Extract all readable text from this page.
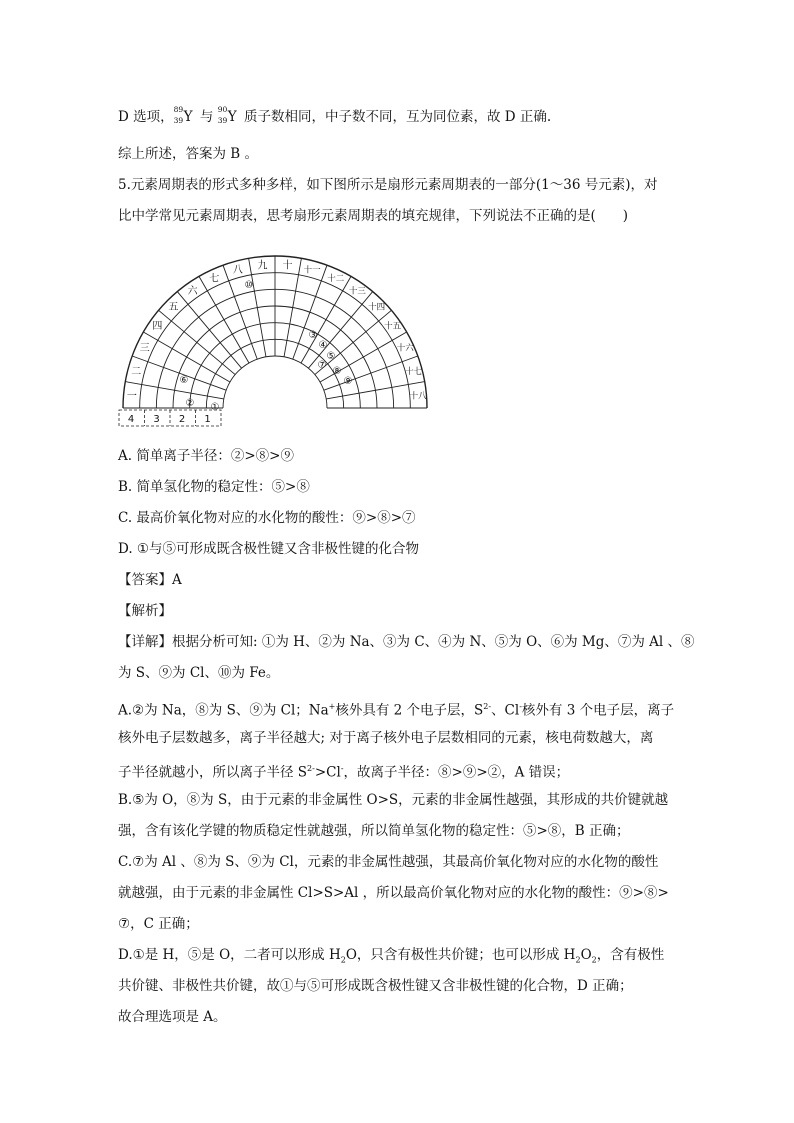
D 选项， 89
39 Y 与 90
39 Y 质子数相同，中子数不同，互为同位素，故 D 正确.
综上所述，答案为 B 。
5.元素周期表的形式多种多样，如下图所示是扇形元素周期表的一部分(1～36 号元素)，对
比中学常见元素周期表，思考扇形元素周期表的填充规律，下列说法不正确的是(　　)
一
二
三
四
五
六
七
八 九 十 十一
十二
十三
十四
十五
十六
十七
十八
①
②
③
④
⑤
⑥
⑦
⑧
⑨
⑩
4 3 2 1
A. 简单离子半径：②>⑧>⑨
B. 简单氢化物的稳定性：⑤>⑧
C. 最高价氧化物对应的水化物的酸性：⑨>⑧>⑦
D. ①与⑤可形成既含极性键又含非极性键的化合物
【答案】A
【解析】
【详解】根据分析可知: ①为 H、②为 Na、③为 C、④为 N、⑤为 O、⑥为 Mg、⑦为 Al 、⑧
为 S、⑨为 Cl、⑩为 Fe。
A.②为 Na，⑧为 S、⑨为 Cl；Na+核外具有 2 个电子层，$S^{2-}$、Cl-核外有 3 个电子层，离子
核外电子层数越多，离子半径越大; 对于离子核外电子层数相同的元素，核电荷数越大，离
子半径就越小，所以离子半径 $S^{2-}>Cl^-$，故离子半径：⑧>⑨>②，A 错误；
B.⑤为 O，⑧为 S，由于元素的非金属性 O>S，元素的非金属性越强，其形成的共价键就越
强，含有该化学键的物质稳定性就越强，所以简单氢化物的稳定性：⑤>⑧，B 正确；
C.⑦为 Al 、⑧为 S、⑨为 Cl，元素的非金属性越强，其最高价氧化物对应的水化物的酸性
就越强，由于元素的非金属性 Cl>S>Al ，所以最高价氧化物对应的水化物的酸性：⑨>⑧>
⑦，C 正确；
D.①是 H，⑤是 O，二者可以形成 $H_2O$，只含有极性共价键；也可以形成 $H_2O_2$，含有极性
共价键、非极性共价键，故①与⑤可形成既含极性键又含非极性键的化合物，D 正确；
故合理选项是 A。
